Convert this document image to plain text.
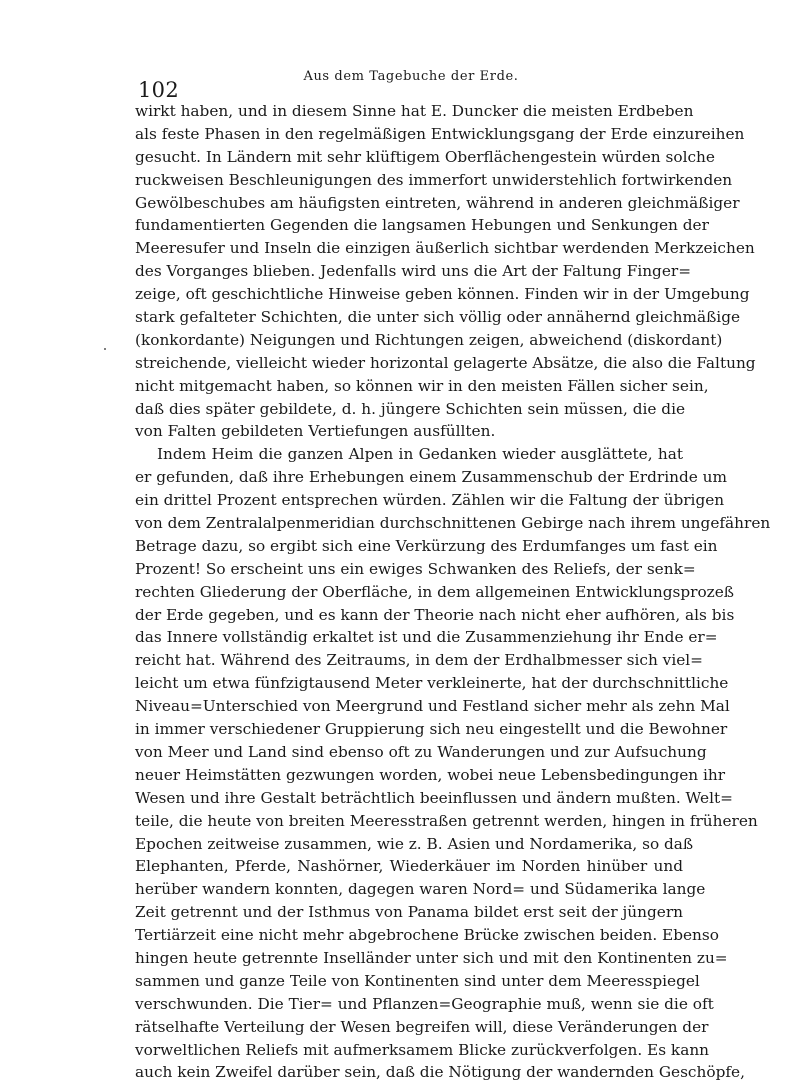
102
Aus dem Tagebuche der Erde.
wirkt haben, und in diesem Sinne hat E. Duncker die meisten Erdbeben
als feste Phasen in den regelmäßigen Entwicklungsgang der Erde einzureihen
gesucht. In Ländern mit sehr klüftigem Oberflächengestein würden solche
ruckweisen Beschleunigungen des immerfort unwiderstehlich fortwirkenden
Gewölbeschubes am häufigsten eintreten, während in anderen gleichmäßiger
fundamentierten Gegenden die langsamen Hebungen und Senkungen der
Meeresufer und Inseln die einzigen äußerlich sichtbar werdenden Merkzeichen
des Vorganges blieben. Jedenfalls wird uns die Art der Faltung Finger=
zeige, oft geschichtliche Hinweise geben können. Finden wir in der Umgebung
stark gefalteter Schichten, die unter sich völlig oder annähernd gleichmäßige
(konkordante) Neigungen und Richtungen zeigen, abweichend (diskordant)
streichende, vielleicht wieder horizontal gelagerte Absätze, die also die Faltung
nicht mitgemacht haben, so können wir in den meisten Fällen sicher sein,
daß dies später gebildete, d. h. jüngere Schichten sein müssen, die die
von Falten gebildeten Vertiefungen ausfüllten.
Indem Heim die ganzen Alpen in Gedanken wieder ausglättete, hat
er gefunden, daß ihre Erhebungen einem Zusammenschub der Erdrinde um
ein drittel Prozent entsprechen würden. Zählen wir die Faltung der übrigen
von dem Zentralalpenmeridian durchschnittenen Gebirge nach ihrem ungefähren
Betrage dazu, so ergibt sich eine Verkürzung des Erdumfanges um fast ein
Prozent! So erscheint uns ein ewiges Schwanken des Reliefs, der senk=
rechten Gliederung der Oberfläche, in dem allgemeinen Entwicklungsprozeß
der Erde gegeben, und es kann der Theorie nach nicht eher aufhören, als bis
das Innere vollständig erkaltet ist und die Zusammenziehung ihr Ende er=
reicht hat. Während des Zeitraums, in dem der Erdhalbmesser sich viel=
leicht um etwa fünfzigtausend Meter verkleinerte, hat der durchschnittliche
Niveau=Unterschied von Meergrund und Festland sicher mehr als zehn Mal
in immer verschiedener Gruppierung sich neu eingestellt und die Bewohner
von Meer und Land sind ebenso oft zu Wanderungen und zur Aufsuchung
neuer Heimstätten gezwungen worden, wobei neue Lebensbedingungen ihr
Wesen und ihre Gestalt beträchtlich beeinflussen und ändern mußten. Welt=
teile, die heute von breiten Meeresstraßen getrennt werden, hingen in früheren
Epochen zeitweise zusammen, wie z. B. Asien und Nordamerika, so daß
Elephanten, Pferde, Nashörner, Wiederkäuer im Norden hinüber und
herüber wandern konnten, dagegen waren Nord= und Südamerika lange
Zeit getrennt und der Isthmus von Panama bildet erst seit der jüngern
Tertiärzeit eine nicht mehr abgebrochene Brücke zwischen beiden. Ebenso
hingen heute getrennte Inselländer unter sich und mit den Kontinenten zu=
sammen und ganze Teile von Kontinenten sind unter dem Meeresspiegel
verschwunden. Die Tier= und Pflanzen=Geographie muß, wenn sie die oft
rätselhafte Verteilung der Wesen begreifen will, diese Veränderungen der
vorweltlichen Reliefs mit aufmerksamem Blicke zurückverfolgen. Es kann
auch kein Zweifel darüber sein, daß die Nötigung der wandernden Geschöpfe,
